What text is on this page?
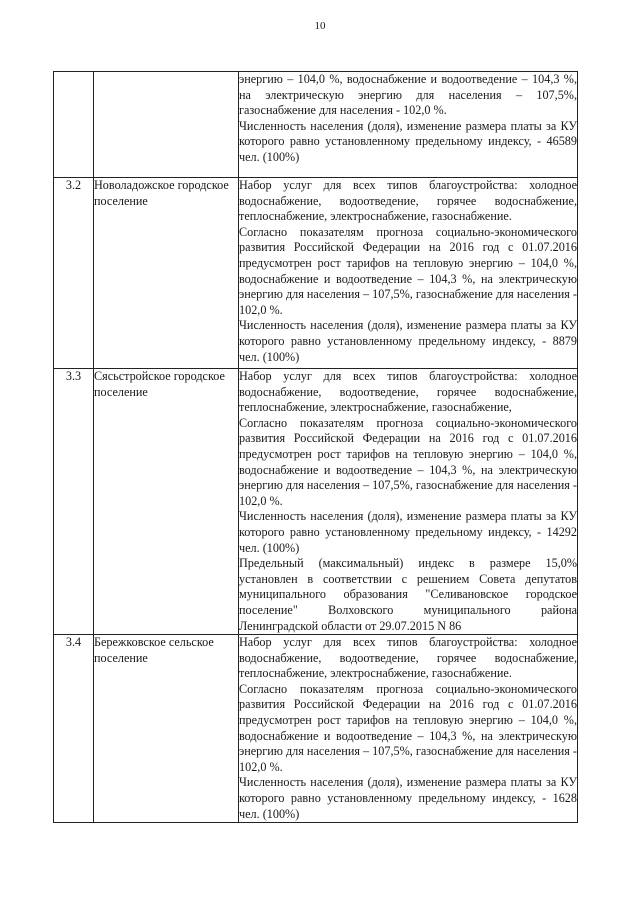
10

		энергию – 104,0 %, водоснабжение и водоотведение – 104,3 %, на электрическую энергию для населения – 107,5%, газоснабжение для населения - 102,0 %.

Численность населения (доля), изменение размера платы за КУ которого равно установленному предельному индексу, - 46589 чел. (100%)

3.2	Новоладожское городское поселение	Набор услуг для всех типов благоустройства: холодное водоснабжение, водоотведение, горячее водоснабжение, теплоснабжение, электроснабжение, газоснабжение.

Согласно показателям прогноза социально-экономического развития Российской Федерации на 2016 год с 01.07.2016 предусмотрен рост тарифов на тепловую энергию – 104,0 %, водоснабжение и водоотведение – 104,3 %, на электрическую энергию для населения – 107,5%, газоснабжение для населения - 102,0 %.

Численность населения (доля), изменение размера платы за КУ которого равно установленному предельному индексу, - 8879 чел. (100%)

3.3	Сясьстройское городское поселение	Набор услуг для всех типов благоустройства: холодное водоснабжение, водоотведение, горячее водоснабжение, теплоснабжение, электроснабжение, газоснабжение,

Согласно показателям прогноза социально-экономического развития Российской Федерации на 2016 год с 01.07.2016 предусмотрен рост тарифов на тепловую энергию – 104,0 %, водоснабжение и водоотведение – 104,3 %, на электрическую энергию для населения – 107,5%, газоснабжение для населения - 102,0 %.

Численность населения (доля), изменение размера платы за КУ которого равно установленному предельному индексу, - 14292 чел. (100%)

Предельный (максимальный) индекс в размере 15,0% установлен в соответствии с решением Совета депутатов муниципального образования "Селивановское городское поселение" Волховского муниципального района Ленинградской области от 29.07.2015 N 86

3.4	Бережковское сельское поселение	Набор услуг для всех типов благоустройства: холодное водоснабжение, водоотведение, горячее водоснабжение, теплоснабжение, электроснабжение, газоснабжение.

Согласно показателям прогноза социально-экономического развития Российской Федерации на 2016 год с 01.07.2016 предусмотрен рост тарифов на тепловую энергию – 104,0 %, водоснабжение и водоотведение – 104,3 %, на электрическую энергию для населения – 107,5%, газоснабжение для населения - 102,0 %.

Численность населения (доля), изменение размера платы за КУ которого равно установленному предельному индексу, - 1628 чел. (100%)
